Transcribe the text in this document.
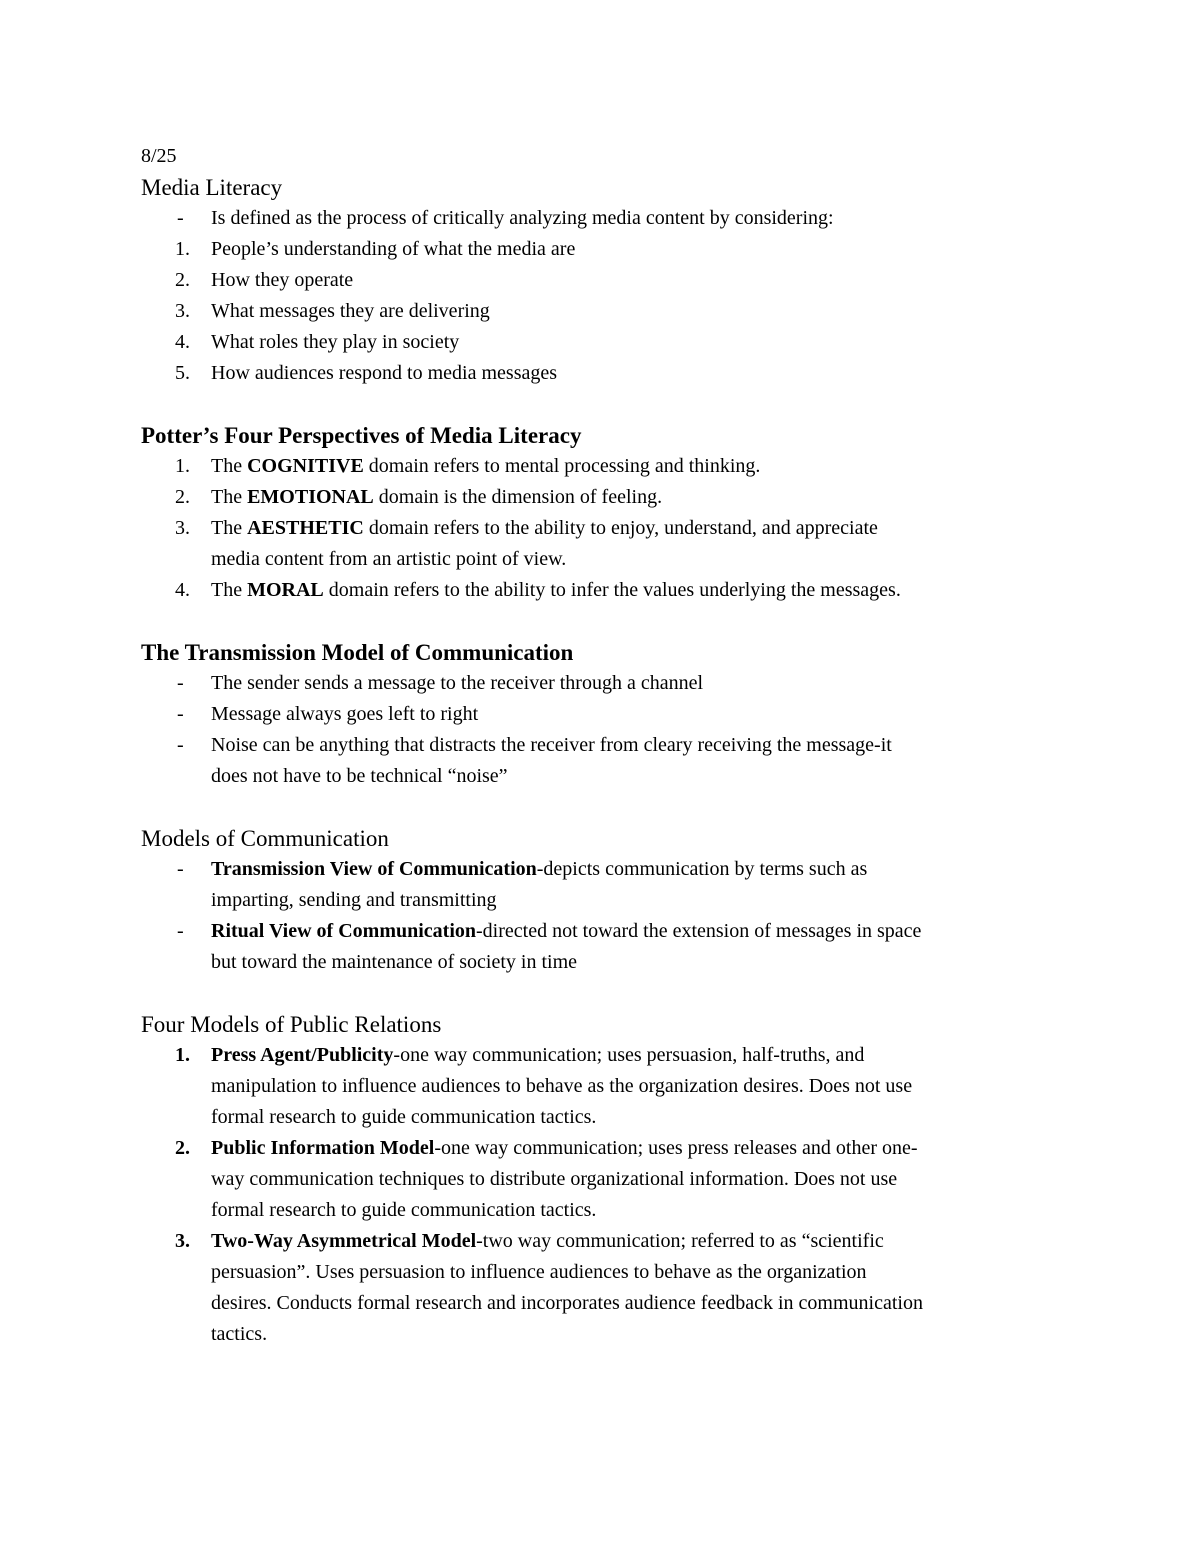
8/25
Media Literacy
- Is defined as the process of critically analyzing media content by considering:
1. People’s understanding of what the media are
2. How they operate
3. What messages they are delivering
4. What roles they play in society
5. How audiences respond to media messages
Potter’s Four Perspectives of Media Literacy
1. The COGNITIVE domain refers to mental processing and thinking.
2. The EMOTIONAL domain is the dimension of feeling.
3. The AESTHETIC domain refers to the ability to enjoy, understand, and appreciate
media content from an artistic point of view.
4. The MORAL domain refers to the ability to infer the values underlying the messages.
The Transmission Model of Communication
- The sender sends a message to the receiver through a channel
- Message always goes left to right
- Noise can be anything that distracts the receiver from cleary receiving the message-it
does not have to be technical “noise”
Models of Communication
- Transmission View of Communication-depicts communication by terms such as
imparting, sending and transmitting
- Ritual View of Communication-directed not toward the extension of messages in space
but toward the maintenance of society in time
Four Models of Public Relations
1. Press Agent/Publicity-one way communication; uses persuasion, half-truths, and
manipulation to influence audiences to behave as the organization desires. Does not use
formal research to guide communication tactics.
2. Public Information Model-one way communication; uses press releases and other one-
way communication techniques to distribute organizational information. Does not use
formal research to guide communication tactics.
3. Two-Way Asymmetrical Model-two way communication; referred to as “scientific
persuasion”. Uses persuasion to influence audiences to behave as the organization
desires. Conducts formal research and incorporates audience feedback in communication
tactics.
